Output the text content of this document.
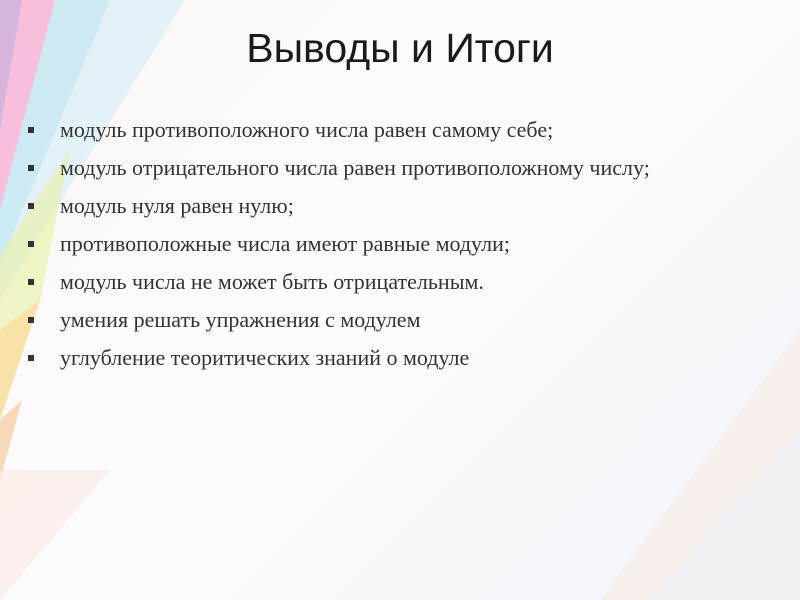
Выводы и Итоги
модуль противоположного числа равен самому себе;
модуль отрицательного числа равен противоположному числу;
модуль нуля равен нулю;
противоположные числа имеют равные модули;
модуль числа не может быть отрицательным.
умения решать упражнения с модулем
углубление теоритических знаний о модуле
